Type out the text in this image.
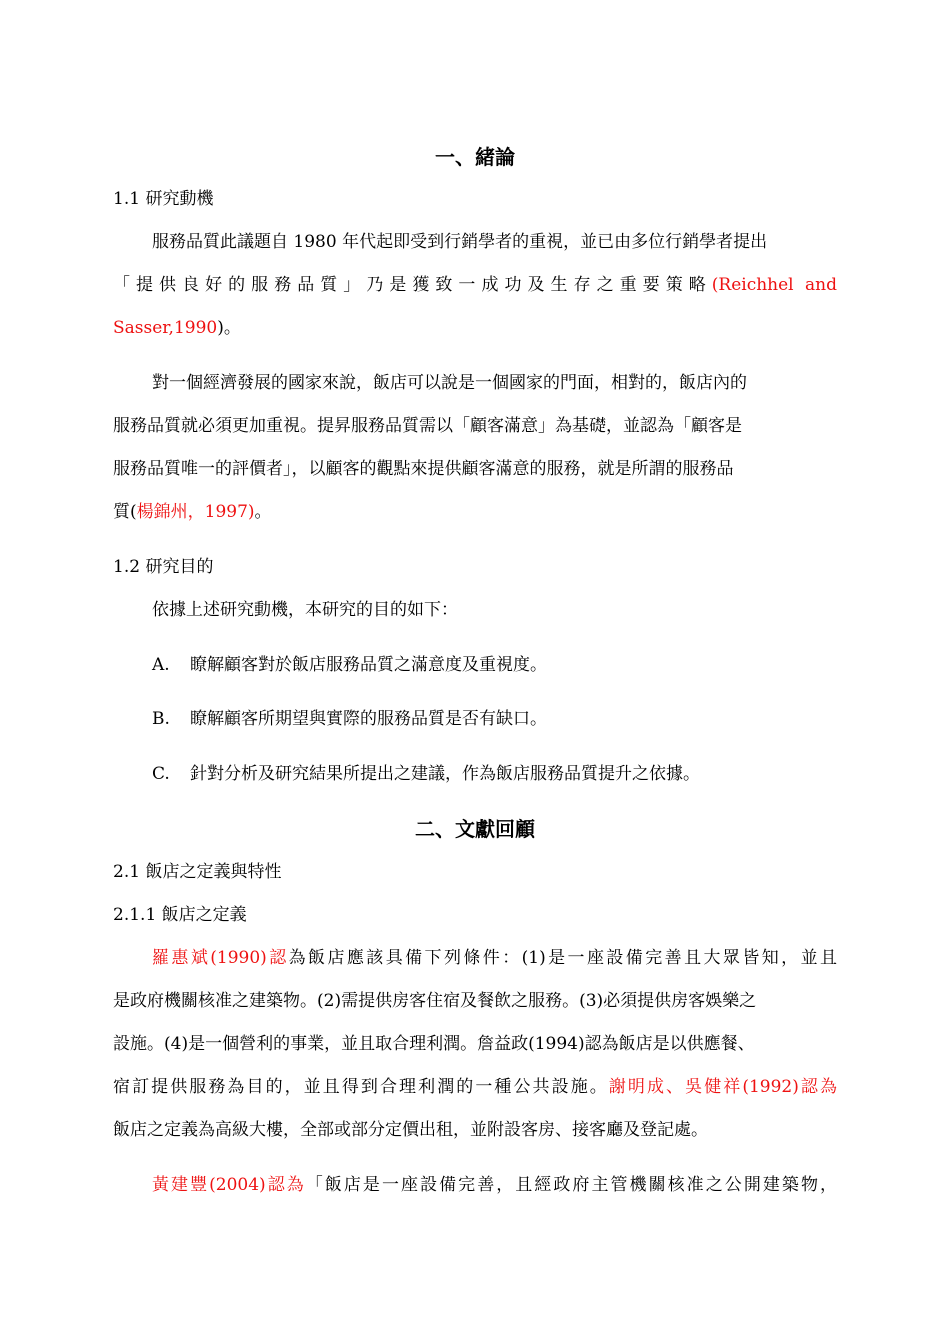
一、緒論
1.1 研究動機
服務品質此議題自 1980 年代起即受到行銷學者的重視，並已由多位行銷學者提出
「提供良好的服務品質」乃是獲致一成功及生存之重要策略(Reichhel and
Sasser,1990)。
對一個經濟發展的國家來說，飯店可以說是一個國家的門面，相對的，飯店內的
服務品質就必須更加重視。提昇服務品質需以「顧客滿意」為基礎，並認為「顧客是
服務品質唯一的評價者」，以顧客的觀點來提供顧客滿意的服務，就是所謂的服務品
質(楊錦州，1997)。
1.2 研究目的
依據上述研究動機，本研究的目的如下：
A.	瞭解顧客對於飯店服務品質之滿意度及重視度。
B.	瞭解顧客所期望與實際的服務品質是否有缺口。
C.	針對分析及研究結果所提出之建議，作為飯店服務品質提升之依據。
二、文獻回顧
2.1 飯店之定義與特性
2.1.1 飯店之定義
羅惠斌(1990)認為飯店應該具備下列條件：(1)是一座設備完善且大眾皆知，並且
是政府機關核准之建築物。(2)需提供房客住宿及餐飲之服務。(3)必須提供房客娛樂之
設施。(4)是一個營利的事業，並且取合理利潤。詹益政(1994)認為飯店是以供應餐、
宿訂提供服務為目的，並且得到合理利潤的一種公共設施。謝明成、吳健祥(1992)認為
飯店之定義為高級大樓，全部或部分定價出租，並附設客房、接客廳及登記處。
黃建豐(2004)認為「飯店是一座設備完善，且經政府主管機關核准之公開建築物，
